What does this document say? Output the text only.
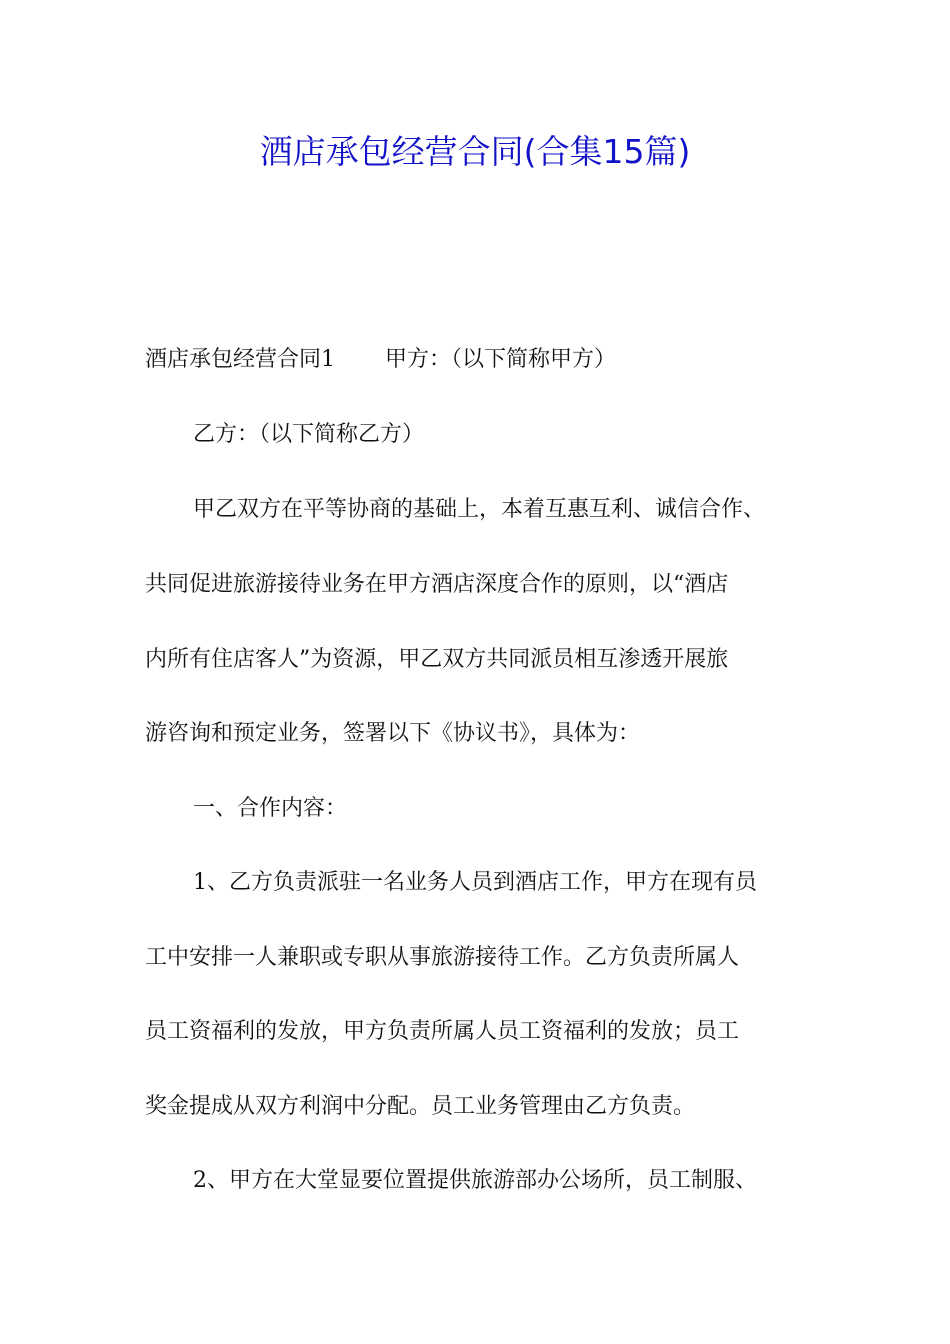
酒店承包经营合同(合集15篇)
酒店承包经营合同1 甲方：（以下简称甲方）
乙方：（以下简称乙方）
甲乙双方在平等协商的基础上，本着互惠互利、诚信合作、
共同促进旅游接待业务在甲方酒店深度合作的原则，以“酒店
内所有住店客人”为资源，甲乙双方共同派员相互渗透开展旅
游咨询和预定业务，签署以下《协议书》，具体为：
一、合作内容：
1、乙方负责派驻一名业务人员到酒店工作，甲方在现有员
工中安排一人兼职或专职从事旅游接待工作。乙方负责所属人
员工资福利的发放，甲方负责所属人员工资福利的发放；员工
奖金提成从双方利润中分配。员工业务管理由乙方负责。
2、甲方在大堂显要位置提供旅游部办公场所，员工制服、
